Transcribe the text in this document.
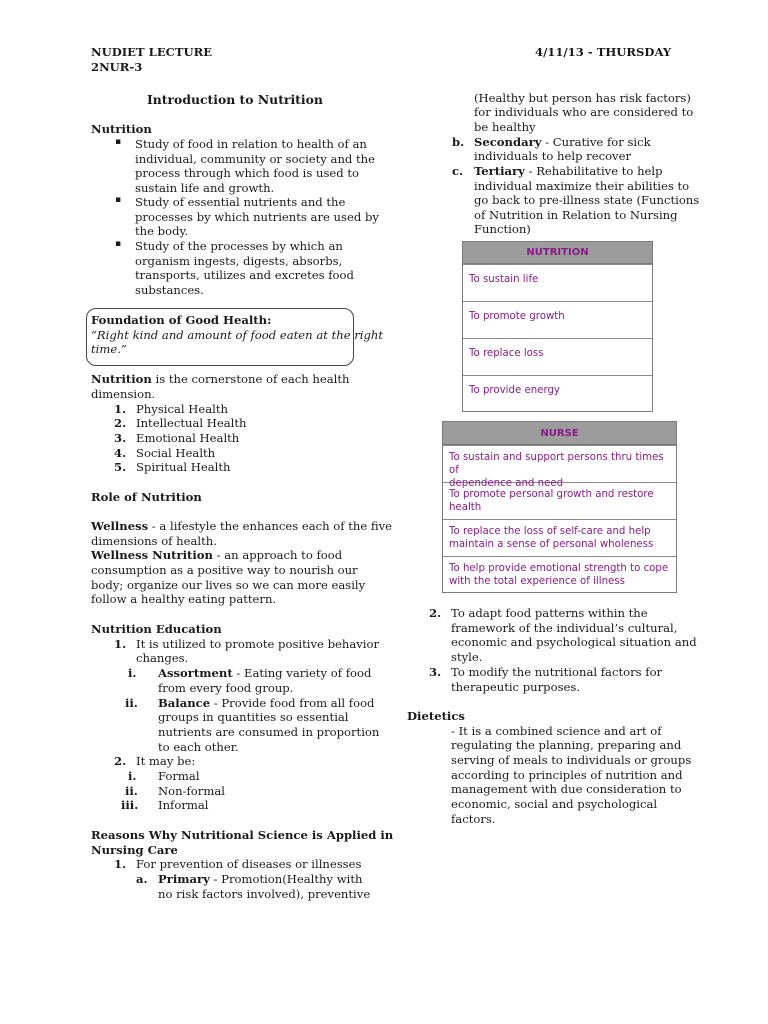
NUDIET LECTURE
2NUR-3
4/11/13 - THURSDAY
Introduction to Nutrition
Nutrition
▪ Study of food in relation to health of an
individual, community or society and the
process through which food is used to
sustain life and growth.
▪ Study of essential nutrients and the
processes by which nutrients are used by
the body.
▪ Study of the processes by which an
organism ingests, digests, absorbs,
transports, utilizes and excretes food
substances.
Foundation of Good Health:
“Right kind and amount of food eaten at the right
time.”
Nutrition is the cornerstone of each health
dimension.
1. Physical Health
2. Intellectual Health
3. Emotional Health
4. Social Health
5. Spiritual Health
Role of Nutrition
Wellness - a lifestyle the enhances each of the five
dimensions of health.
Wellness Nutrition - an approach to food
consumption as a positive way to nourish our
body; organize our lives so we can more easily
follow a healthy eating pattern.
Nutrition Education
1. It is utilized to promote positive behavior
changes.
i. Assortment - Eating variety of food
from every food group.
ii. Balance - Provide food from all food
groups in quantities so essential
nutrients are consumed in proportion
to each other.
2. It may be:
i. Formal
ii. Non-formal
iii. Informal
Reasons Why Nutritional Science is Applied in
Nursing Care
1. For prevention of diseases or illnesses
a. Primary - Promotion(Healthy with
no risk factors involved), preventive
(Healthy but person has risk factors)
for individuals who are considered to
be healthy
b. Secondary - Curative for sick
individuals to help recover
c. Tertiary - Rehabilitative to help
individual maximize their abilities to
go back to pre-illness state (Functions
of Nutrition in Relation to Nursing
Function)
NUTRITION
To sustain life
To promote growth
To replace loss
To provide energy
NURSE
To sustain and support persons thru times of
dependence and need
To promote personal growth and restore
health
To replace the loss of self-care and help
maintain a sense of personal wholeness
To help provide emotional strength to cope
with the total experience of illness
2. To adapt food patterns within the
framework of the individual’s cultural,
economic and psychological situation and
style.
3. To modify the nutritional factors for
therapeutic purposes.
Dietetics
- It is a combined science and art of
regulating the planning, preparing and
serving of meals to individuals or groups
according to principles of nutrition and
management with due consideration to
economic, social and psychological
factors.
